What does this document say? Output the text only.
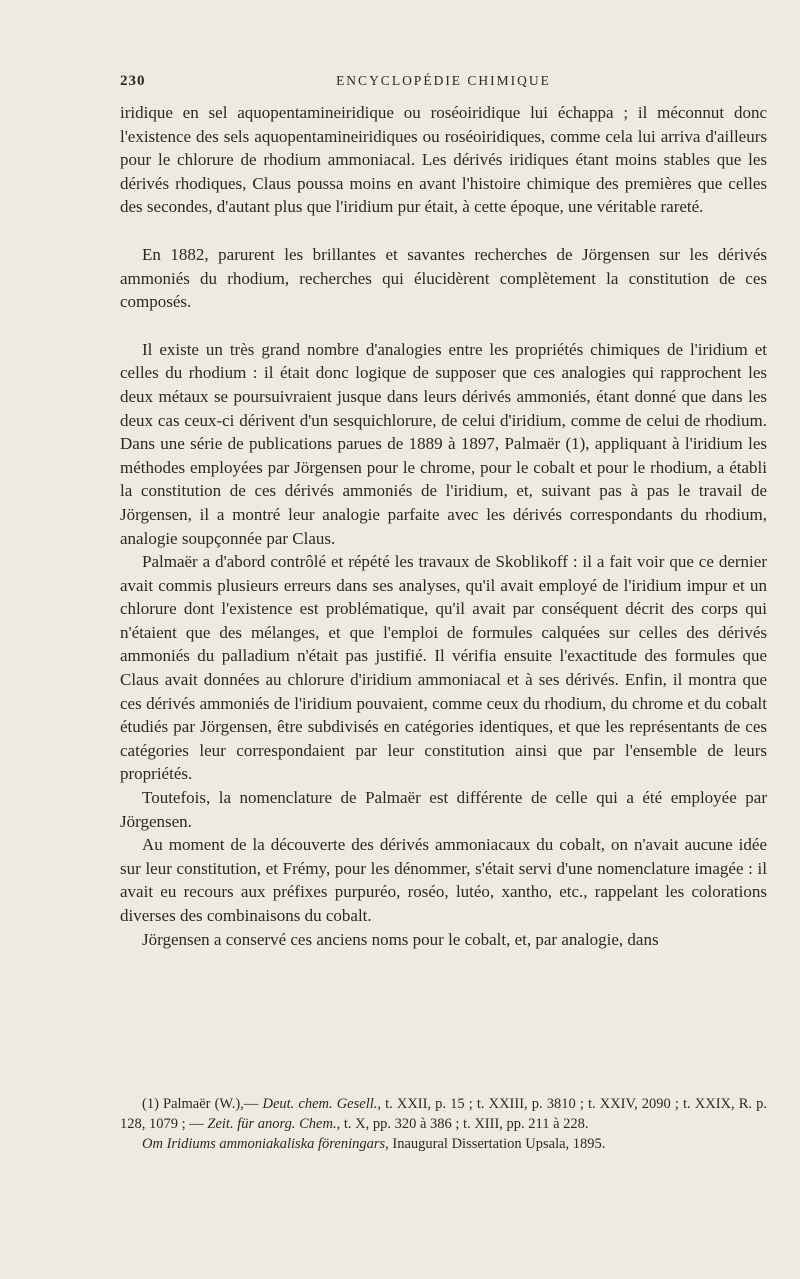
230	ENCYCLOPÉDIE CHIMIQUE

iridique en sel aquopentamineiridique ou roséoiridique lui échappa ; il méconnut donc l'existence des sels aquopentamineiridiques ou roséoiridiques, comme cela lui arriva d'ailleurs pour le chlorure de rhodium ammoniacal. Les dérivés iridiques étant moins stables que les dérivés rhodiques, Claus poussa moins en avant l'histoire chimique des premières que celles des secondes, d'autant plus que l'iridium pur était, à cette époque, une véritable rareté.

En 1882, parurent les brillantes et savantes recherches de Jörgensen sur les dérivés ammoniés du rhodium, recherches qui élucidèrent complètement la constitution de ces composés.

Il existe un très grand nombre d'analogies entre les propriétés chimiques de l'iridium et celles du rhodium : il était donc logique de supposer que ces analogies qui rapprochent les deux métaux se poursuivraient jusque dans leurs dérivés ammoniés, étant donné que dans les deux cas ceux-ci dérivent d'un sesquichlorure, de celui d'iridium, comme de celui de rhodium. Dans une série de publications parues de 1889 à 1897, Palmaër (1), appliquant à l'iridium les méthodes employées par Jörgensen pour le chrome, pour le cobalt et pour le rhodium, a établi la constitution de ces dérivés ammoniés de l'iridium, et, suivant pas à pas le travail de Jörgensen, il a montré leur analogie parfaite avec les dérivés correspondants du rhodium, analogie soupçonnée par Claus.

Palmaër a d'abord contrôlé et répété les travaux de Skoblikoff : il a fait voir que ce dernier avait commis plusieurs erreurs dans ses analyses, qu'il avait employé de l'iridium impur et un chlorure dont l'existence est problématique, qu'il avait par conséquent décrit des corps qui n'étaient que des mélanges, et que l'emploi de formules calquées sur celles des dérivés ammoniés du palladium n'était pas justifié. Il vérifia ensuite l'exactitude des formules que Claus avait données au chlorure d'iridium ammoniacal et à ses dérivés. Enfin, il montra que ces dérivés ammoniés de l'iridium pouvaient, comme ceux du rhodium, du chrome et du cobalt étudiés par Jörgensen, être subdivisés en catégories identiques, et que les représentants de ces catégories leur correspondaient par leur constitution ainsi que par l'ensemble de leurs propriétés.

Toutefois, la nomenclature de Palmaër est différente de celle qui a été employée par Jörgensen.

Au moment de la découverte des dérivés ammoniacaux du cobalt, on n'avait aucune idée sur leur constitution, et Frémy, pour les dénommer, s'était servi d'une nomenclature imagée : il avait eu recours aux préfixes purpuréo, roséo, lutéo, xantho, etc., rappelant les colorations diverses des combinaisons du cobalt.

Jörgensen a conservé ces anciens noms pour le cobalt, et, par analogie, dans

(1) Palmaër (W.),— Deut. chem. Gesell., t. XXII, p. 15 ; t. XXIII, p. 3810 ; t. XXIV, 2090 ; t. XXIX, R. p. 128, 1079 ; — Zeit. für anorg. Chem., t. X, pp. 320 à 386 ; t. XIII, pp. 211 à 228.

Om Iridiums ammoniakaliska föreningars, Inaugural Dissertation Upsala, 1895.
